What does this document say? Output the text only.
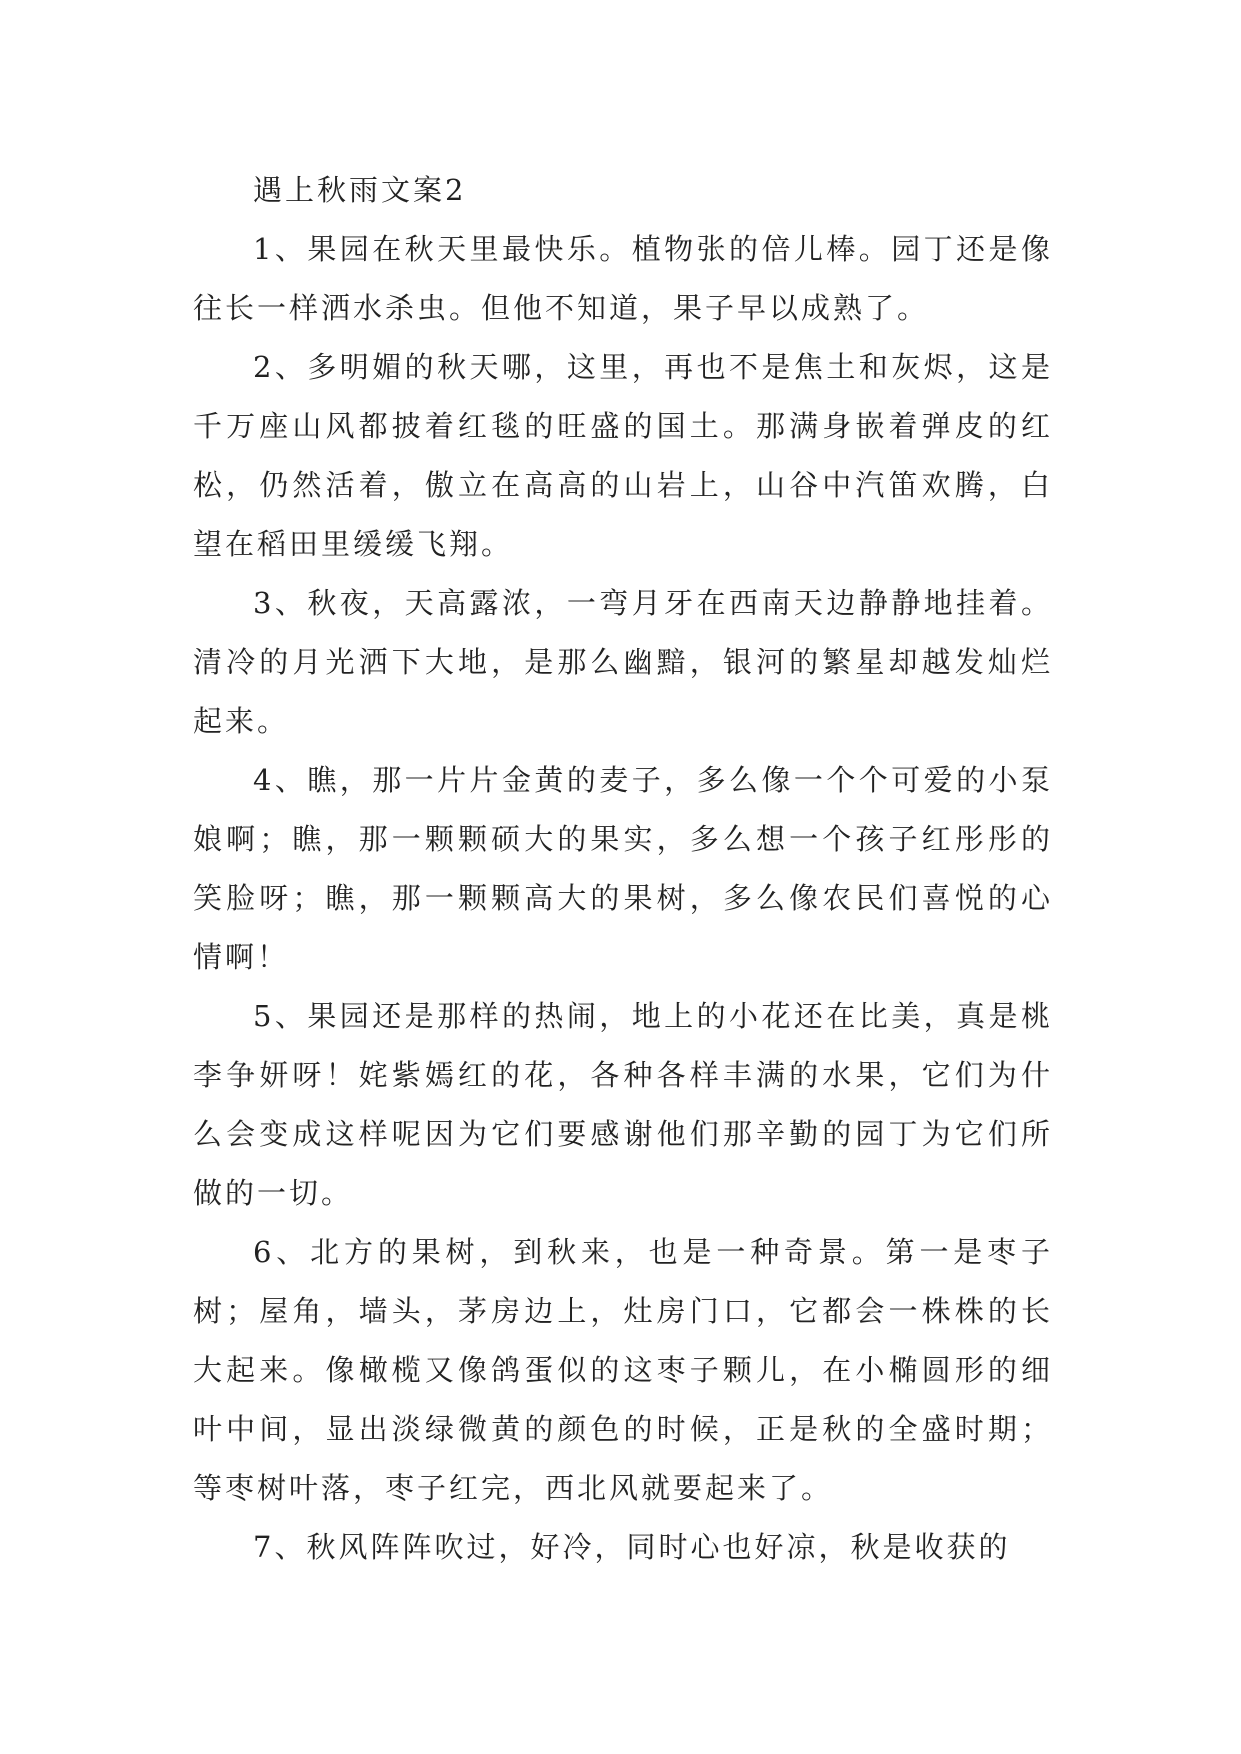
遇上秋雨文案2

1、果园在秋天里最快乐。植物张的倍儿棒。园丁还是像往长一样洒水杀虫。但他不知道，果子早以成熟了。

2、多明媚的秋天哪，这里，再也不是焦土和灰烬，这是千万座山风都披着红毯的旺盛的国土。那满身嵌着弹皮的红松，仍然活着，傲立在高高的山岩上，山谷中汽笛欢腾，白望在稻田里缓缓飞翔。

3、秋夜，天高露浓，一弯月牙在西南天边静静地挂着。清冷的月光洒下大地，是那么幽黯，银河的繁星却越发灿烂起来。

4、瞧，那一片片金黄的麦子，多么像一个个可爱的小泵娘啊；瞧，那一颗颗硕大的果实，多么想一个孩子红彤彤的笑脸呀；瞧，那一颗颗高大的果树，多么像农民们喜悦的心情啊！

5、果园还是那样的热闹，地上的小花还在比美，真是桃李争妍呀！姹紫嫣红的花，各种各样丰满的水果，它们为什么会变成这样呢因为它们要感谢他们那辛勤的园丁为它们所做的一切。

6、北方的果树，到秋来，也是一种奇景。第一是枣子树；屋角，墙头，茅房边上，灶房门口，它都会一株株的长大起来。像橄榄又像鸽蛋似的这枣子颗儿，在小椭圆形的细叶中间，显出淡绿微黄的颜色的时候，正是秋的全盛时期；等枣树叶落，枣子红完，西北风就要起来了。

7、秋风阵阵吹过，好冷，同时心也好凉，秋是收获的
